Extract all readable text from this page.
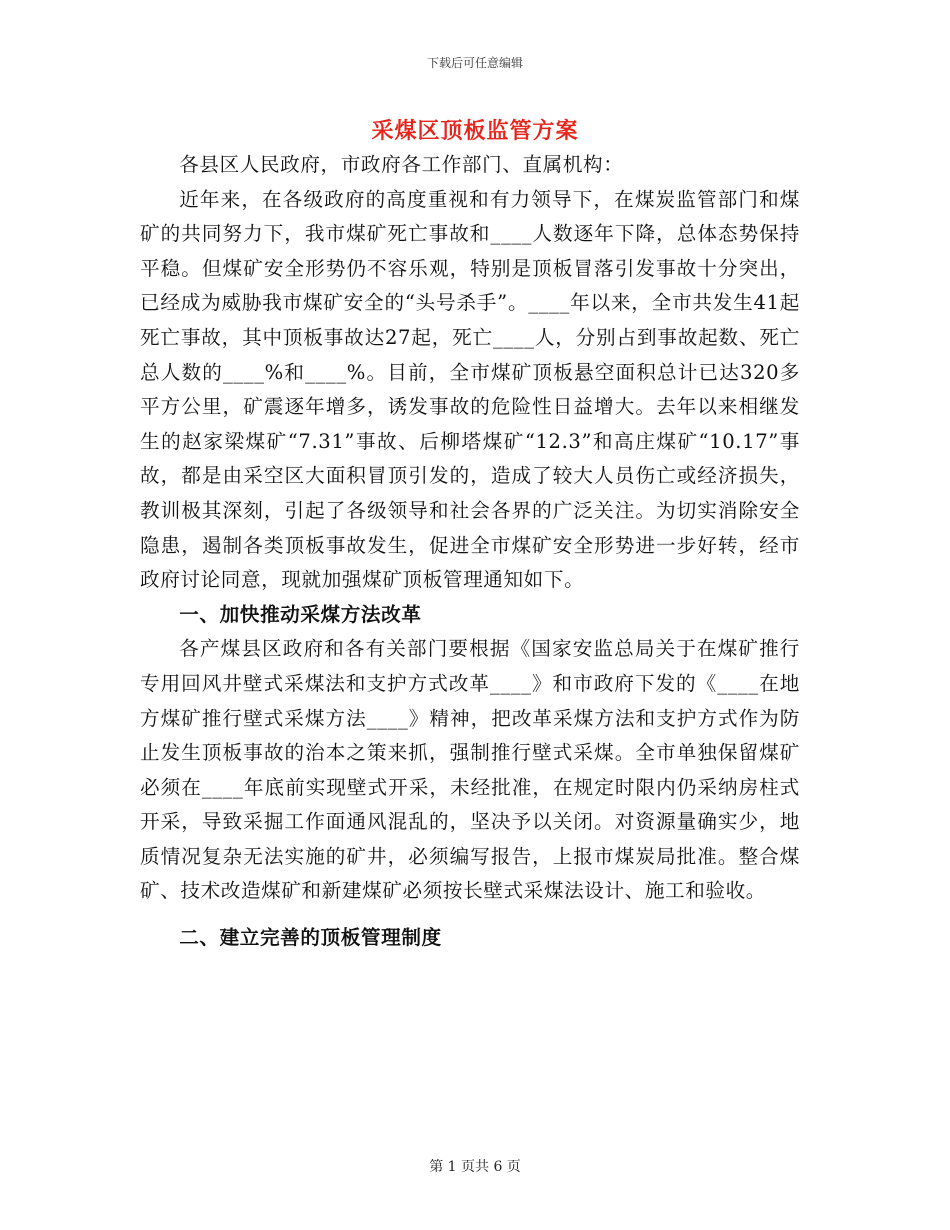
下载后可任意编辑
采煤区顶板监管方案

各县区人民政府，市政府各工作部门、直属机构：

近年来，在各级政府的高度重视和有力领导下，在煤炭监管部门和煤矿的共同努力下，我市煤矿死亡事故和____人数逐年下降，总体态势保持平稳。但煤矿安全形势仍不容乐观，特别是顶板冒落引发事故十分突出，已经成为威胁我市煤矿安全的“头号杀手”。____年以来，全市共发生41起死亡事故，其中顶板事故达27起，死亡____人，分别占到事故起数、死亡总人数的____%和____%。目前，全市煤矿顶板悬空面积总计已达320多平方公里，矿震逐年增多，诱发事故的危险性日益增大。去年以来相继发生的赵家梁煤矿“7.31”事故、后柳塔煤矿“12.3”和高庄煤矿“10.17”事故，都是由采空区大面积冒顶引发的，造成了较大人员伤亡或经济损失，教训极其深刻，引起了各级领导和社会各界的广泛关注。为切实消除安全隐患，遏制各类顶板事故发生，促进全市煤矿安全形势进一步好转，经市政府讨论同意，现就加强煤矿顶板管理通知如下。

一、加快推动采煤方法改革

各产煤县区政府和各有关部门要根据《国家安监总局关于在煤矿推行专用回风井壁式采煤法和支护方式改革____》和市政府下发的《____在地方煤矿推行壁式采煤方法____》精神，把改革采煤方法和支护方式作为防止发生顶板事故的治本之策来抓，强制推行壁式采煤。全市单独保留煤矿必须在____年底前实现壁式开采，未经批准，在规定时限内仍采纳房柱式开采，导致采掘工作面通风混乱的，坚决予以关闭。对资源量确实少，地质情况复杂无法实施的矿井，必须编写报告，上报市煤炭局批准。整合煤矿、技术改造煤矿和新建煤矿必须按长壁式采煤法设计、施工和验收。

二、建立完善的顶板管理制度
第 1 页共 6 页
